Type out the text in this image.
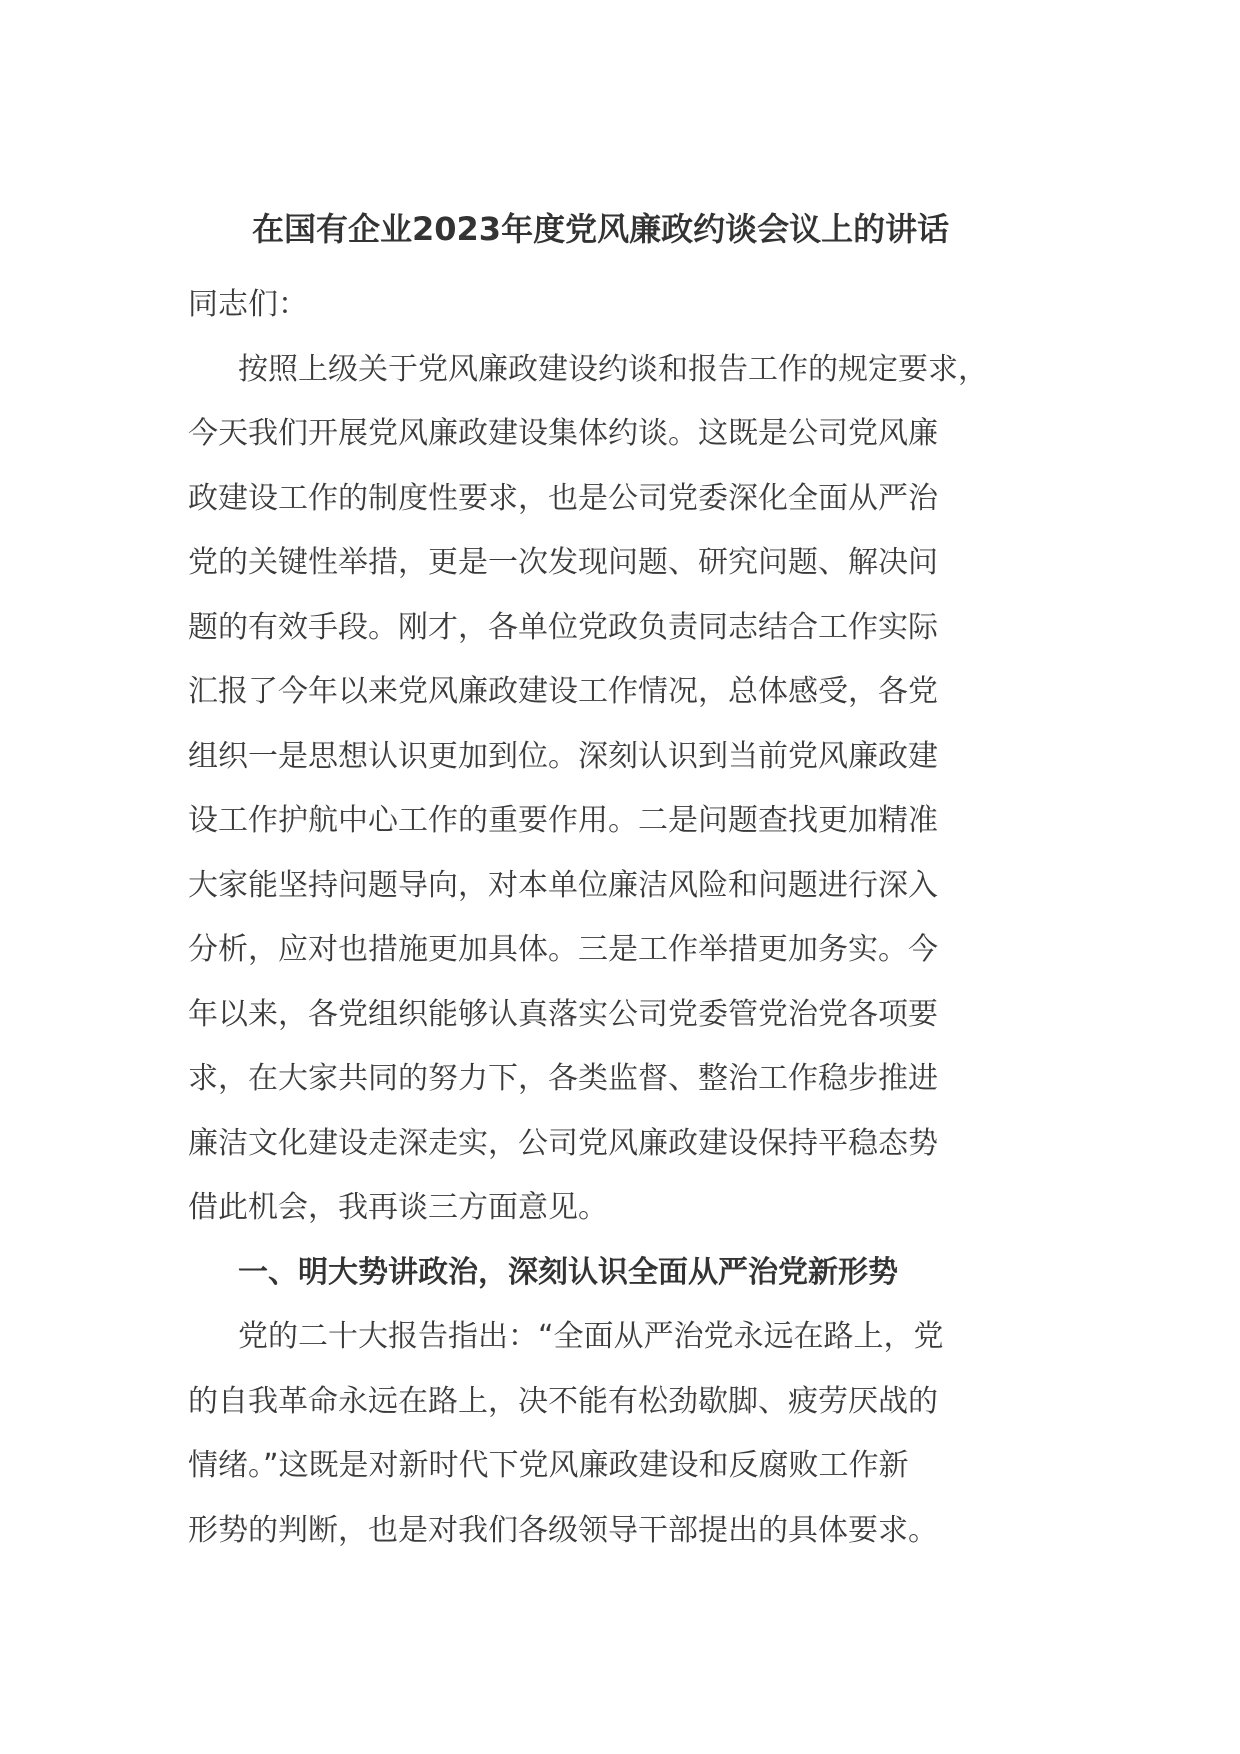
在国有企业2023年度党风廉政约谈会议上的讲话
同志们：
按照上级关于党风廉政建设约谈和报告工作的规定要求，
今天我们开展党风廉政建设集体约谈。这既是公司党风廉
政建设工作的制度性要求，也是公司党委深化全面从严治
党的关键性举措，更是一次发现问题、研究问题、解决问
题的有效手段。刚才，各单位党政负责同志结合工作实际
汇报了今年以来党风廉政建设工作情况，总体感受，各党
组织一是思想认识更加到位。深刻认识到当前党风廉政建
设工作护航中心工作的重要作用。二是问题查找更加精准
大家能坚持问题导向，对本单位廉洁风险和问题进行深入
分析，应对也措施更加具体。三是工作举措更加务实。今
年以来，各党组织能够认真落实公司党委管党治党各项要
求，在大家共同的努力下，各类监督、整治工作稳步推进
廉洁文化建设走深走实，公司党风廉政建设保持平稳态势
借此机会，我再谈三方面意见。
一、明大势讲政治，深刻认识全面从严治党新形势
党的二十大报告指出：“全面从严治党永远在路上，党
的自我革命永远在路上，决不能有松劲歇脚、疲劳厌战的
情绪。”这既是对新时代下党风廉政建设和反腐败工作新
形势的判断，也是对我们各级领导干部提出的具体要求。
